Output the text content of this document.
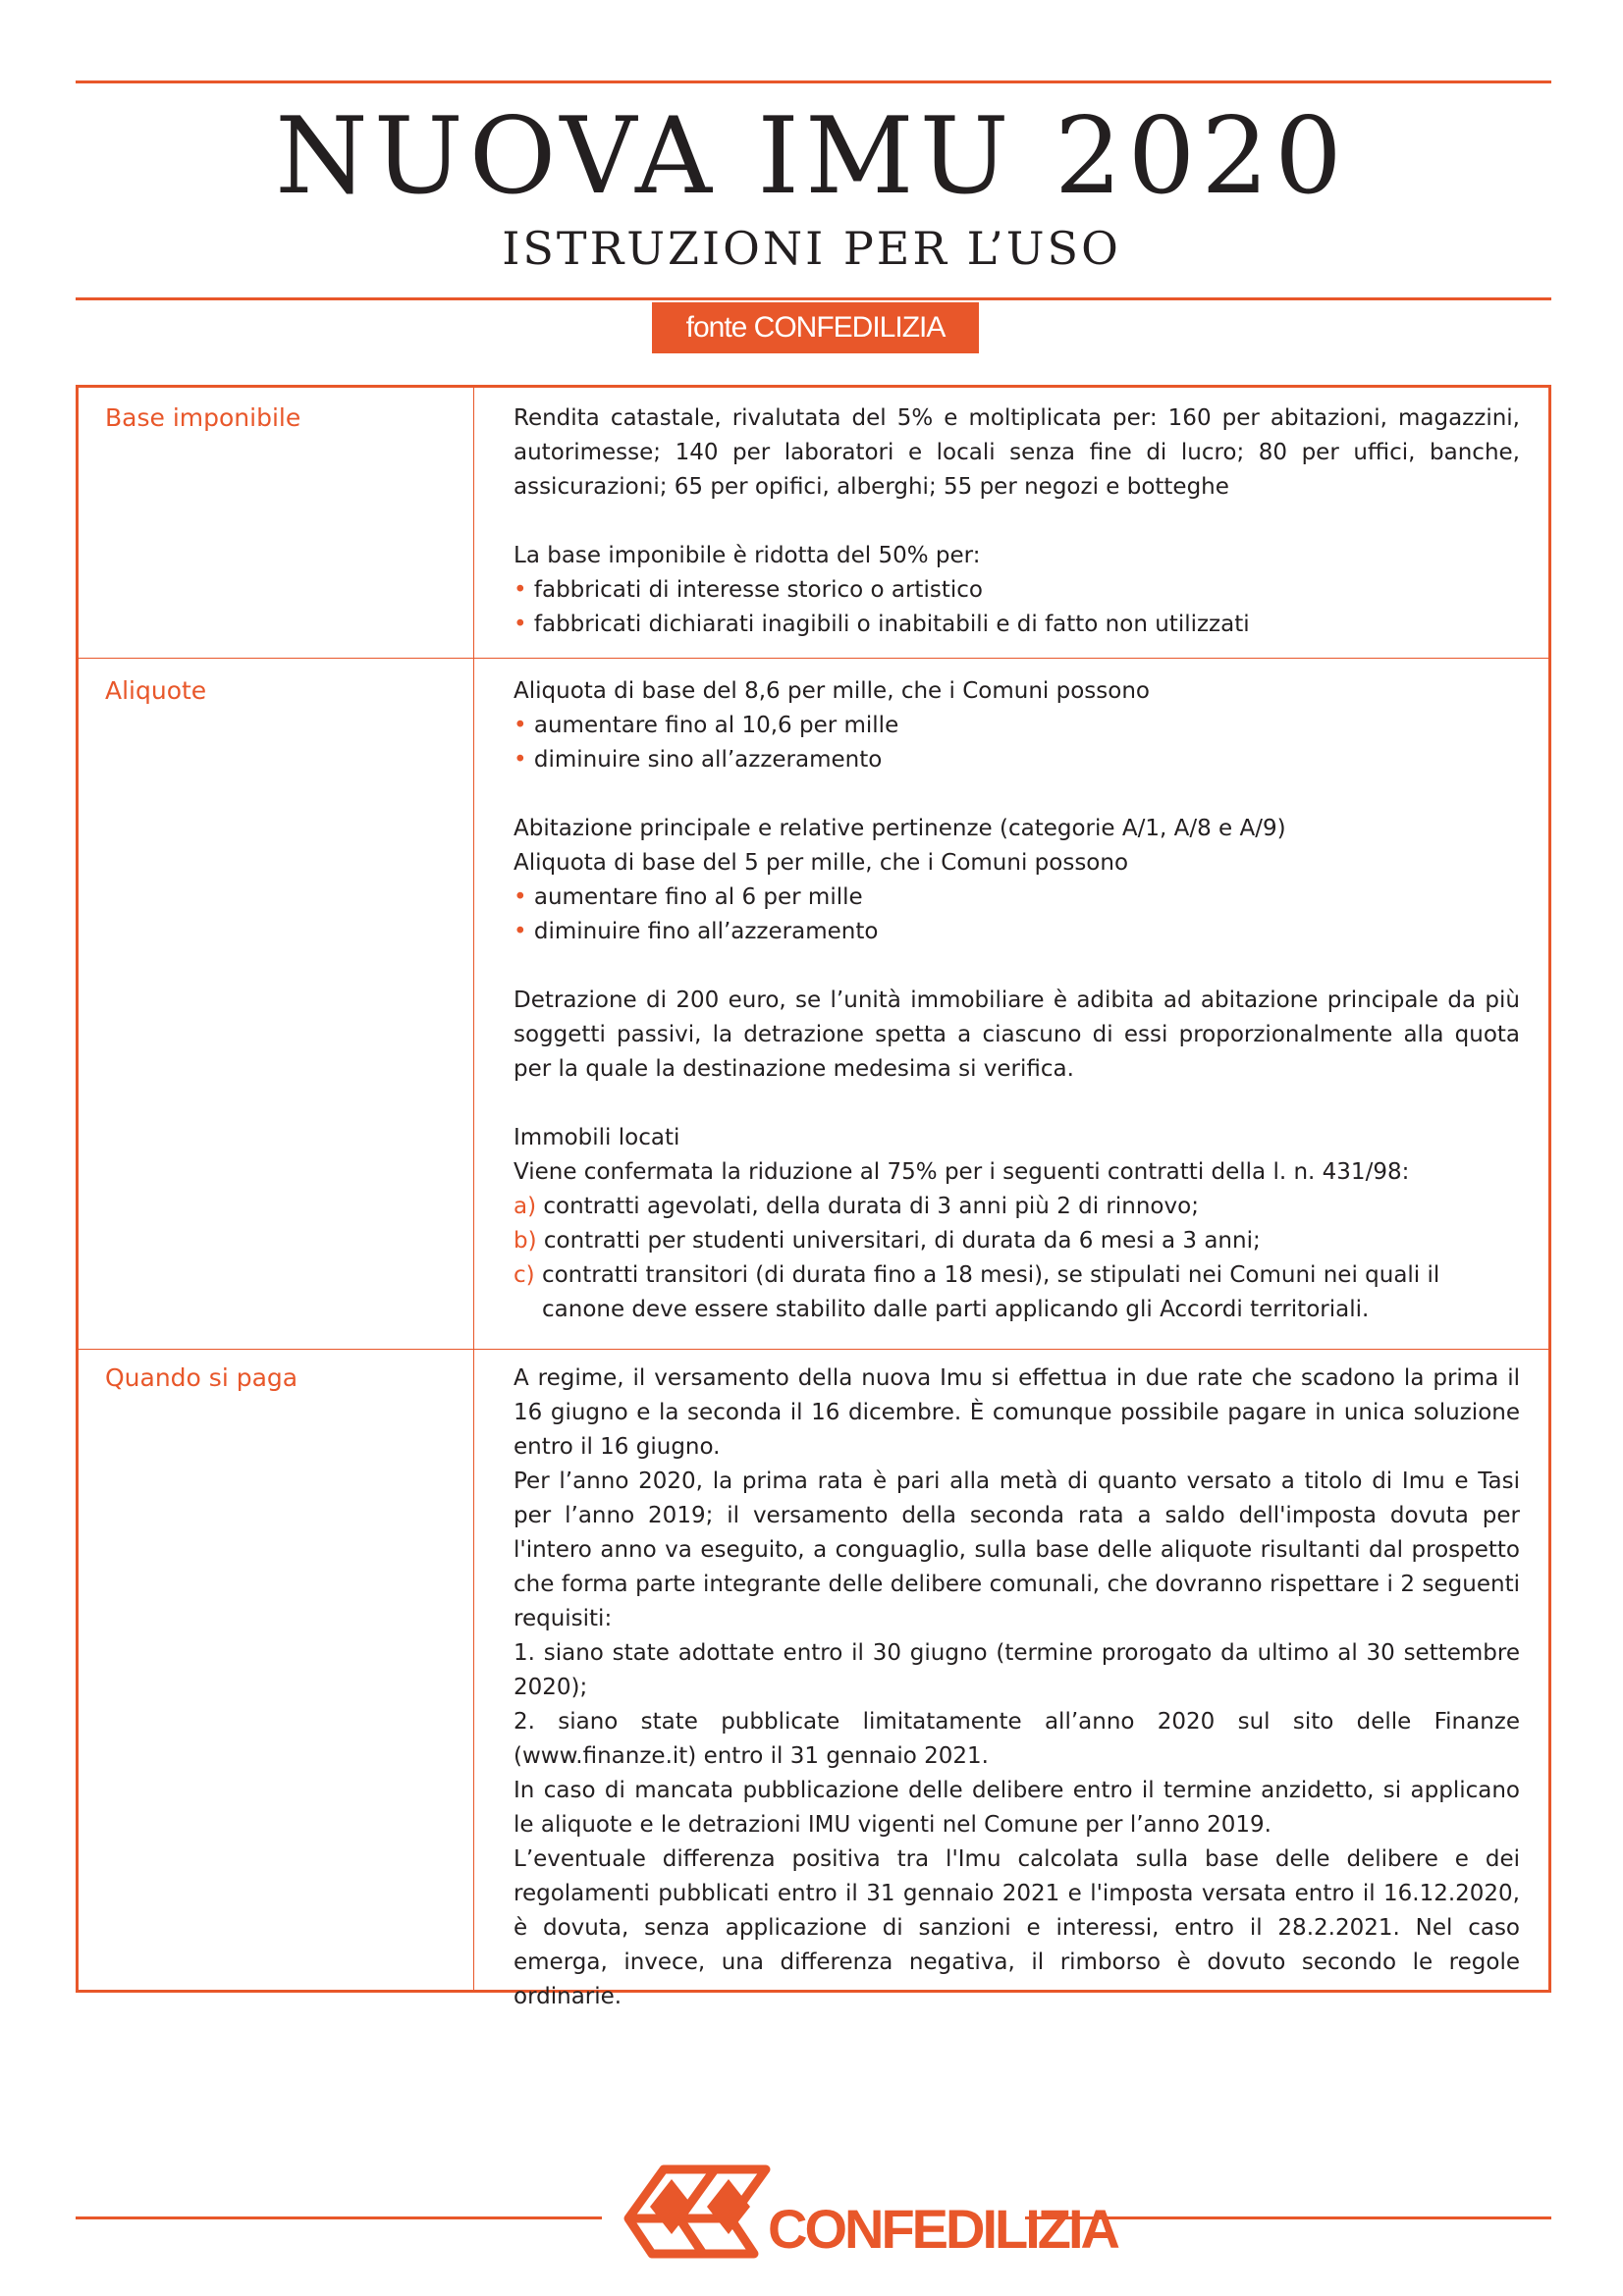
NUOVA IMU 2020
ISTRUZIONI PER L’USO
fonte CONFEDILIZIA
Base imponibile	Rendita catastale, rivalutata del 5% e moltiplicata per: 160 per abitazioni, magazzini, autorimesse; 140 per laboratori e locali senza fine di lucro; 80 per uffici, banche, assicurazioni; 65 per opifici, alberghi; 55 per negozi e botteghe

La base imponibile è ridotta del 50% per:

• fabbricati di interesse storico o artistico

• fabbricati dichiarati inagibili o inabitabili e di fatto non utilizzati

Aliquote	Aliquota di base del 8,6 per mille, che i Comuni possono

• aumentare fino al 10,6 per mille

• diminuire sino all’azzeramento

Abitazione principale e relative pertinenze (categorie A/1, A/8 e A/9)

Aliquota di base del 5 per mille, che i Comuni possono

• aumentare fino al 6 per mille

• diminuire fino all’azzeramento

Detrazione di 200 euro, se l’unità immobiliare è adibita ad abitazione principale da più soggetti passivi, la detrazione spetta a ciascuno di essi proporzionalmente alla quota per la quale la destinazione medesima si verifica.

Immobili locati

Viene confermata la riduzione al 75% per i seguenti contratti della l. n. 431/98:

a) contratti agevolati, della durata di 3 anni più 2 di rinnovo;

b) contratti per studenti universitari, di durata da 6 mesi a 3 anni;

c) contratti transitori (di durata fino a 18 mesi), se stipulati nei Comuni nei quali il

canone deve essere stabilito dalle parti applicando gli Accordi territoriali.

Quando si paga	A regime, il versamento della nuova Imu si effettua in due rate che scadono la prima il 16 giugno e la seconda il 16 dicembre. È comunque possibile pagare in unica soluzione entro il 16 giugno.

Per l’anno 2020, la prima rata è pari alla metà di quanto versato a titolo di Imu e Tasi per l’anno 2019; il versamento della seconda rata a saldo dell'imposta dovuta per l'intero anno va eseguito, a conguaglio, sulla base delle aliquote risultanti dal prospetto che forma parte integrante delle delibere comunali, che dovranno rispettare i 2 seguenti requisiti:

1. siano state adottate entro il 30 giugno (termine prorogato da ultimo al 30 settembre 2020);

2. siano state pubblicate limitatamente all’anno 2020 sul sito delle Finanze (www.finanze.it) entro il 31 gennaio 2021.

In caso di mancata pubblicazione delle delibere entro il termine anzidetto, si applicano le aliquote e le detrazioni IMU vigenti nel Comune per l’anno 2019.

L’eventuale differenza positiva tra l'Imu calcolata sulla base delle delibere e dei regolamenti pubblicati entro il 31 gennaio 2021 e l'imposta versata entro il 16.12.2020, è dovuta, senza applicazione di sanzioni e interessi, entro il 28.2.2021. Nel caso emerga, invece, una differenza negativa, il rimborso è dovuto secondo le regole ordinarie.

CONFEDILIZIA
